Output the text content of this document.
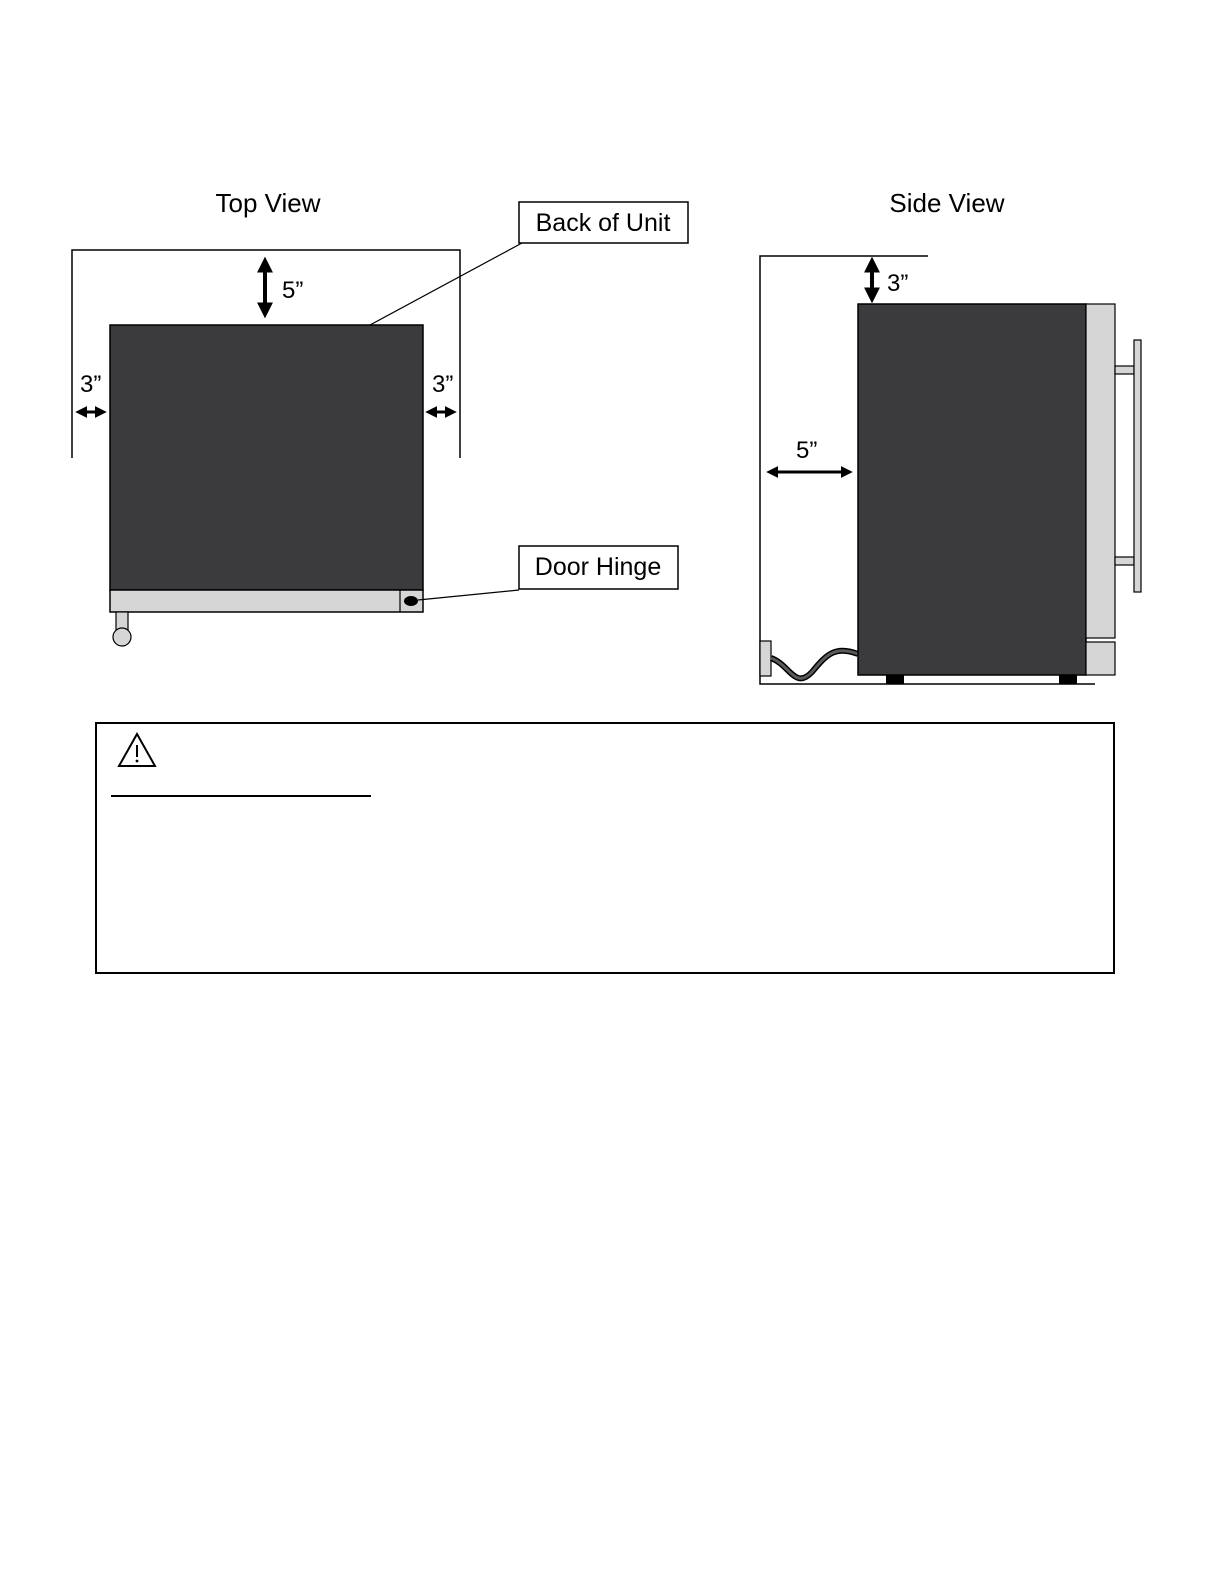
Top View
5”
3”	3”
Back of Unit
Door Hinge
Side View
3”
5”
